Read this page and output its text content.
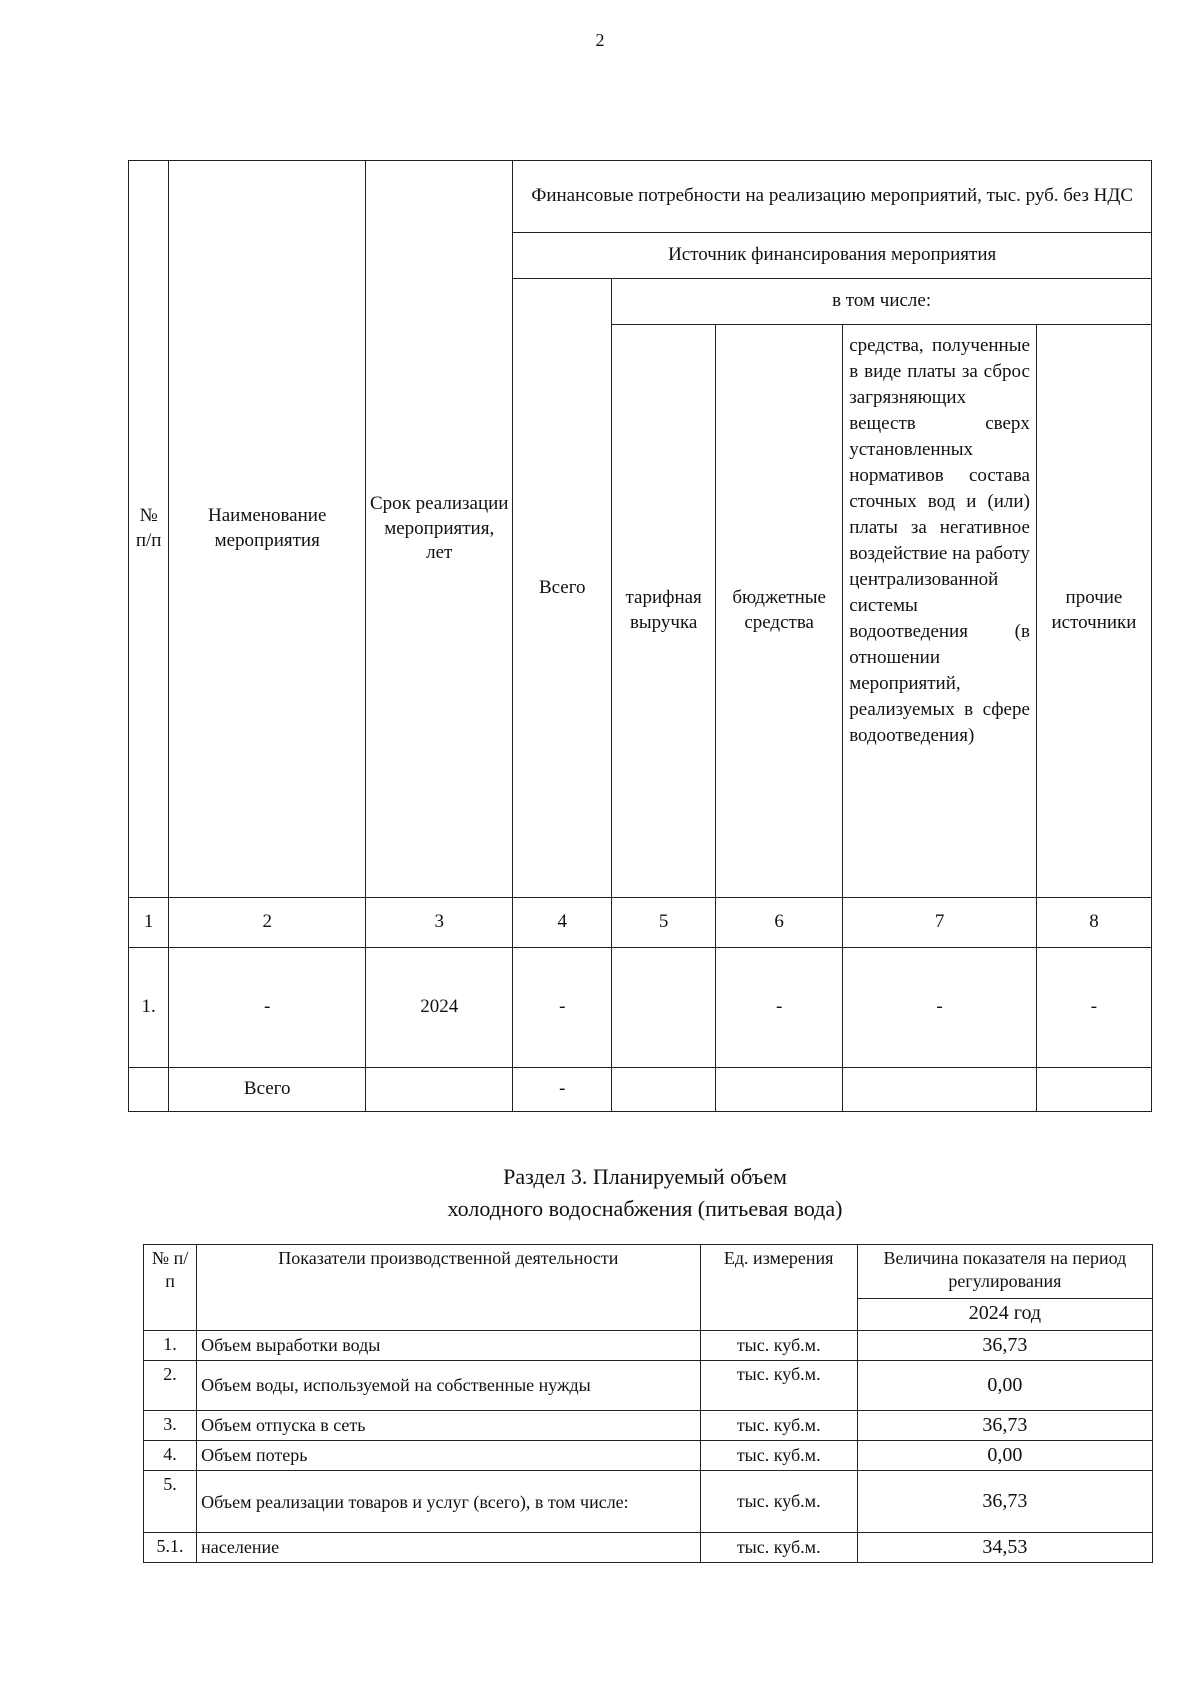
2
№ п/п	Наименование мероприятия	Срок реализации мероприятия, лет	Финансовые потребности на реализацию мероприятий, тыс. руб. без НДС				
			Источник финансирования мероприятия				
			Всего	в том числе:			
				тарифная выручка	бюджетные средства	средства, полученные в виде платы за сброс загрязняющих веществ сверх установленных нормативов состава сточных вод и (или) платы за негативное воздействие на работу централизованной системы водоотведения (в отношении мероприятий, реализуемых в сфере водоотведения)	прочие источники
1	2	3	4	5	6	7	8
1.	-	2024	-		-	-	-
	Всего		-				
Раздел 3. Планируемый объем
холодного водоснабжения (питьевая вода)
№ п/п	Показатели производственной деятельности	Ед. измерения	Величина показателя на период регулирования
			2024 год
1.	Объем выработки воды	тыс. куб.м.	36,73
2.	Объем воды, используемой на собственные нужды	тыс. куб.м.	0,00
3.	Объем отпуска в сеть	тыс. куб.м.	36,73
4.	Объем потерь	тыс. куб.м.	0,00
5.	Объем реализации товаров и услуг (всего), в том числе:	тыс. куб.м.	36,73
5.1.	население	тыс. куб.м.	34,53
